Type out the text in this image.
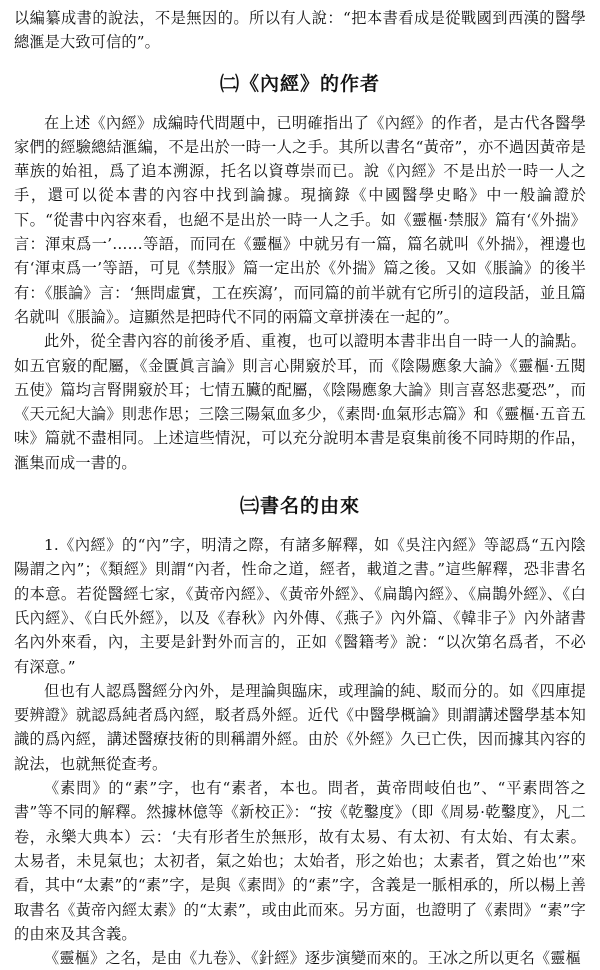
以編纂成書的說法，不是無因的。所以有人說：“把本書看成是從戰國到西漢的醫學總滙是大致可信的”。

㈡《內經》的作者

在上述《內經》成編時代問題中，已明確指出了《內經》的作者，是古代各醫學家們的經驗總結滙編，不是出於一時一人之手。其所以書名“黃帝”，亦不過因黃帝是華族的始祖，爲了追本溯源，托名以資尊崇而已。說《內經》不是出於一時一人之手，還可以從本書的內容中找到論據。現摘錄《中國醫學史略》中一般論證於下。“從書中內容來看，也絕不是出於一時一人之手。如《靈樞·禁服》篇有‘《外揣》言：渾束爲一’……等語，而同在《靈樞》中就另有一篇，篇名就叫《外揣》，裡邊也有‘渾束爲一’等語，可見《禁服》篇一定出於《外揣》篇之後。又如《脹論》的後半有：《脹論》言：‘無問虛實，工在疾瀉’，而同篇的前半就有它所引的這段話，並且篇名就叫《脹論》。這顯然是把時代不同的兩篇文章拼湊在一起的”。

此外，從全書內容的前後矛盾、重複，也可以證明本書非出自一時一人的論點。如五官竅的配屬，《金匱眞言論》則言心開竅於耳，而《陰陽應象大論》《靈樞·五閱五使》篇均言腎開竅於耳；七情五臟的配屬，《陰陽應象大論》則言喜怒悲憂恐”，而《天元紀大論》則悲作思；三陰三陽氣血多少，《素問·血氣形志篇》和《靈樞·五音五味》篇就不盡相同。上述這些情況，可以充分說明本書是裒集前後不同時期的作品，滙集而成一書的。

㈢書名的由來

1.《內經》的“內”字，明清之際，有諸多解釋，如《吳注內經》等認爲“五內陰陽謂之內”；《類經》則謂“內者，性命之道，經者，載道之書。”這些解釋，恐非書名的本意。若從醫經七家，《黃帝內經》、《黃帝外經》、《扁鵲內經》、《扁鵲外經》、《白氏內經》、《白氏外經》，以及《春秋》內外傳、《燕子》內外篇、《韓非子》內外諸書名內外來看，內，主要是針對外而言的，正如《醫籍考》說：“以次第名爲者，不必有深意。”

但也有人認爲醫經分內外，是理論與臨床，或理論的純、駁而分的。如《四庫提要辨證》就認爲純者爲內經，駁者爲外經。近代《中醫學概論》則謂講述醫學基本知識的爲內經，講述醫療技術的則稱謂外經。由於《外經》久已亡佚，因而據其內容的說法，也就無從查考。

《素問》的“素”字，也有“素者，本也。問者，黃帝問岐伯也”、“平素問答之書”等不同的解釋。然據林億等《新校正》：“按《乾鑿度》（即《周易·乾鑿度》，凡二卷，永樂大典本）云：‘夫有形者生於無形，故有太易、有太初、有太始、有太素。太易者，未見氣也；太初者，氣之始也；太始者，形之始也；太素者，質之始也’”來看，其中“太素”的“素”字，是與《素問》的“素”字，含義是一脈相承的，所以楊上善取書名《黃帝內經太素》的“太素”，或由此而來。另方面，也證明了《素問》“素”字的由來及其含義。

《靈樞》之名，是由《九卷》、《針經》逐步演變而來的。王冰之所以更名《靈樞
